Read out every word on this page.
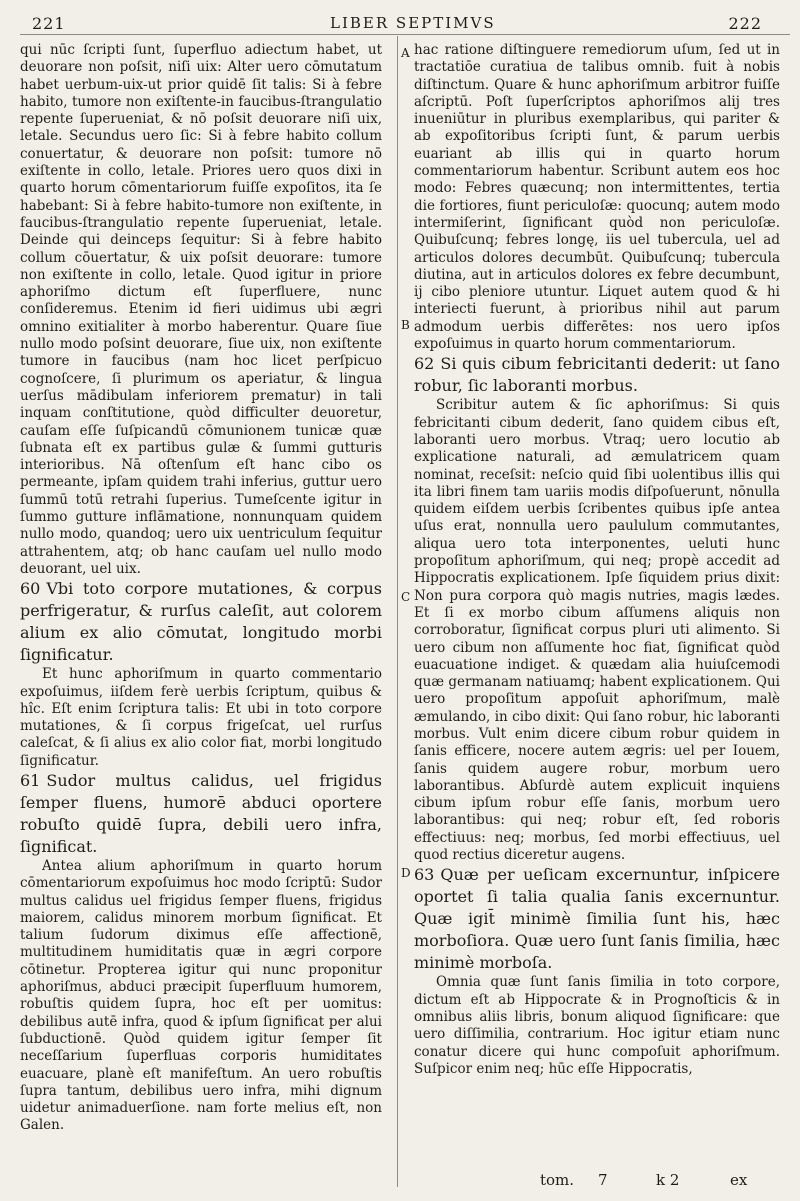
221	LIBER SEPTIMVS	222

qui nūc ſcripti ſunt, ſuperfluo adiectum habet, ut deuorare non poſsit, niſi uix: Alter uero cōmutatum habet uerbum-uix-ut prior quidē ſit talis: Si à febre habito, tumore non exiſtente-in faucibus-ſtrangulatio repente ſuperueniat, & nō poſsit deuorare niſi uix, letale. Secundus uero ſic: Si à febre habito collum conuertatur, & deuorare non poſsit: tumore nō exiſtente in collo, letale. Priores uero quos dixi in quarto horum cōmentariorum fuiſſe expoſitos, ita ſe habebant: Si à febre habito-tumore non exiſtente, in faucibus-ſtrangulatio repente ſuperueniat, letale. Deinde qui deinceps ſequitur: Si à febre habito collum cōuertatur, & uix poſsit deuorare: tumore non exiſtente in collo, letale. Quod igitur in priore aphoriſmo dictum eſt ſuperfluere, nunc conſideremus. Etenim id fieri uidimus ubi ægri omnino exitialiter à morbo haberentur. Quare ſiue nullo modo poſsint deuorare, ſiue uix, non exiſtente tumore in faucibus (nam hoc licet perſpicuo cognoſcere, ſi plurimum os aperiatur, & lingua uerſus mādibulam inferiorem prematur) in tali inquam conſtitutione, quòd difficulter deuoretur, cauſam eſſe ſuſpicandū cōmunionem tunicæ quæ ſubnata eſt ex partibus gulæ & ſummi gutturis interioribus. Nā oſtenſum eſt hanc cibo os permeante, ipſam quidem trahi inferius, guttur uero ſummū totū retrahi ſuperius. Tumeſcente igitur in ſummo gutture inflāmatione, nonnunquam quidem nullo modo, quandoq; uero uix uentriculum ſequitur attrahentem, atq; ob hanc cauſam uel nullo modo deuorant, uel uix.

60 Vbi toto corpore mutationes, & corpus perfrigeratur, & rurſus caleſit, aut colorem alium ex alio cōmutat, longitudo morbi ſignificatur.

Et hunc aphoriſmum in quarto commentario expoſuimus, iiſdem ferè uerbis ſcriptum, quibus & hîc. Eſt enim ſcriptura talis: Et ubi in toto corpore mutationes, & ſi corpus frigeſcat, uel rurſus caleſcat, & ſi alius ex alio color fiat, morbi longitudo ſignificatur.

61 Sudor multus calidus, uel frigidus ſemper fluens, humorē abduci oportere robuſto quidē ſupra, debili uero infra, ſignificat.

Antea alium aphoriſmum in quarto horum cōmentariorum expoſuimus hoc modo ſcriptū: Sudor multus calidus uel frigidus ſemper fluens, frigidus maiorem, calidus minorem morbum ſignificat. Et talium ſudorum diximus eſſe affectionē, multitudinem humiditatis quæ in ægri corpore cōtinetur. Propterea igitur qui nunc proponitur aphoriſmus, abduci præcipit ſuperfluum humorem, robuſtis quidem ſupra, hoc eſt per uomitus: debilibus autē infra, quod & ipſum ſignificat per alui ſubductionē. Quòd quidem igitur ſemper ſit neceſſarium ſuperfluas corporis humiditates euacuare, planè eſt manifeſtum. An uero robuſtis ſupra tantum, debilibus uero infra, mihi dignum uidetur animaduerſione. nam forte melius eſt, non Galen.

hac ratione diſtinguere remediorum uſum, ſed ut in tractatiōe curatiua de talibus omnib. fuit à nobis diſtinctum. Quare & hunc aphoriſmum arbitror fuiſſe aſcriptū. Poſt ſuperſcriptos aphoriſmos alij tres inueniūtur in pluribus exemplaribus, qui pariter & ab expoſitoribus ſcripti ſunt, & parum uerbis euariant ab illis qui in quarto horum commentariorum habentur. Scribunt autem eos hoc modo: Febres quæcunq; non intermittentes, tertia die fortiores, fiunt periculoſæ: quocunq; autem modo intermiſerint, ſignificant quòd non periculoſæ. Quibuſcunq; febres longę, iis uel tubercula, uel ad articulos dolores decumbūt. Quibuſcunq; tubercula diutina, aut in articulos dolores ex febre decumbunt, ij cibo pleniore utuntur. Liquet autem quod & hi interiecti fuerunt, à prioribus nihil aut parum admodum uerbis differētes: nos uero ipſos expoſuimus in quarto horum commentariorum.

62 Si quis cibum febricitanti dederit: ut ſano robur, ſic laboranti morbus.

Scribitur autem & ſic aphoriſmus: Si quis febricitanti cibum dederit, ſano quidem cibus eſt, laboranti uero morbus. Vtraq; uero locutio ab explicatione naturali, ad æmulatricem quam nominat, receſsit: neſcio quid ſibi uolentibus illis qui ita libri finem tam uariis modis diſpoſuerunt, nōnulla quidem eiſdem uerbis ſcribentes quibus ipſe antea uſus erat, nonnulla uero paululum commutantes, aliqua uero tota interponentes, ueluti hunc propoſitum aphoriſmum, qui neq; propè accedit ad Hippocratis explicationem. Ipſe ſiquidem prius dixit: Non pura corpora quò magis nutries, magis lædes. Et ſi ex morbo cibum aſſumens aliquis non corroboratur, ſignificat corpus pluri uti alimento. Si uero cibum non aſſumente hoc fiat, ſignificat quòd euacuatione indiget. & quædam alia huiuſcemodi quæ germanam natiuamq; habent explicationem. Qui uero propoſitum appoſuit aphoriſmum, malè æmulando, in cibo dixit: Qui ſano robur, hic laboranti morbus. Vult enim dicere cibum robur quidem in ſanis efficere, nocere autem ægris: uel per Iouem, ſanis quidem augere robur, morbum uero laborantibus. Abſurdè autem explicuit inquiens cibum ipſum robur eſſe ſanis, morbum uero laborantibus: qui neq; robur eſt, ſed roboris effectiuus: neq; morbus, ſed morbi effectiuus, uel quod rectius diceretur augens.

63 Quæ per ueſicam excernuntur, inſpicere oportet ſi talia qualia ſanis excernuntur. Quæ igit̄ minimè ſimilia ſunt his, hæc morboſiora. Quæ uero ſunt ſanis ſimilia, hæc minimè morboſa.

Omnia quæ ſunt ſanis ſimilia in toto corpore, dictum eſt ab Hippocrate & in Prognoſticis & in omnibus aliis libris, bonum aliquod ſignificare: que uero diſſimilia, contrarium. Hoc igitur etiam nunc conatur dicere qui hunc compoſuit aphoriſmum. Suſpicor enim neq; hūc eſſe Hippocratis,

A
B
C
D
tom. 7	k 2	ex
